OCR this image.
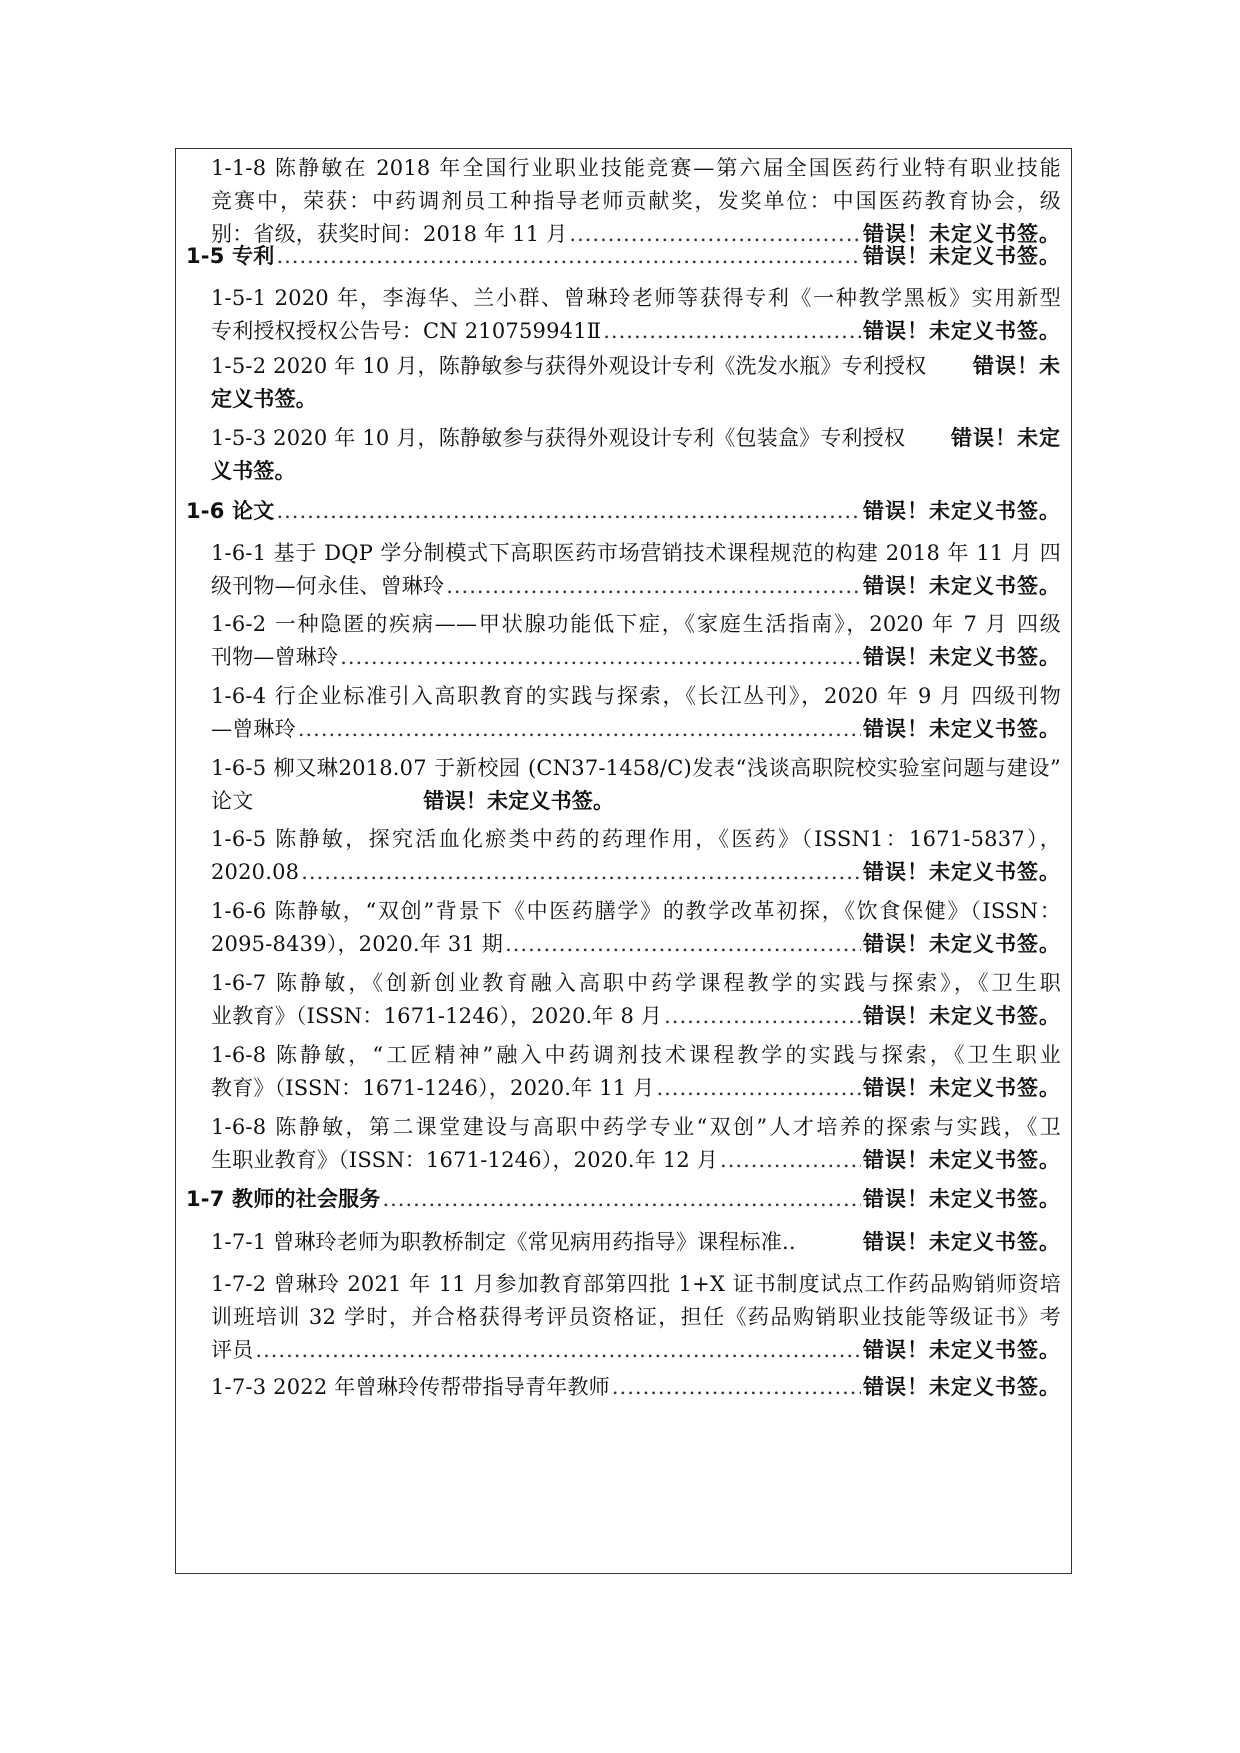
1-1-8 陈静敏在 2018 年全国行业职业技能竞赛—第六届全国医药行业特有职业技能
竞赛中，荣获：中药调剂员工种指导老师贡献奖，发奖单位：中国医药教育协会，级
别：省级，获奖时间：2018 年 11 月 .....	错误！未定义书签。
1-5 专利 .....	错误！未定义书签。
1-5-1 2020 年，李海华、兰小群、曾琳玲老师等获得专利《一种教学黑板》实用新型
专利授权授权公告号：CN 210759941Ⅱ .....	错误！未定义书签。
1-5-2 2020 年 10 月，陈静敏参与获得外观设计专利《洗发水瓶》专利授权 错误！未
定义书签。
1-5-3 2020 年 10 月，陈静敏参与获得外观设计专利《包装盒》专利授权 错误！未定
义书签。
1-6 论文 .....	错误！未定义书签。
1-6-1 基于 DQP 学分制模式下高职医药市场营销技术课程规范的构建 2018 年 11 月 四
级刊物—何永佳、曾琳玲 .....	错误！未定义书签。
1-6-2 一种隐匿的疾病——甲状腺功能低下症，《家庭生活指南》，2020 年 7 月 四级
刊物—曾琳玲 .....	错误！未定义书签。
1-6-4 行企业标准引入高职教育的实践与探索，《长江丛刊》，2020 年 9 月 四级刊物
—曾琳玲 .....	错误！未定义书签。
1-6-5 柳又琳2018.07 于新校园 (CN37-1458/C)发表“浅谈高职院校实验室问题与建设”
论文	错误！未定义书签。
1-6-5 陈静敏，探究活血化瘀类中药的药理作用，《医药》（ISSN1：1671-5837），
2020.08 .....	错误！未定义书签。
1-6-6 陈静敏，“双创”背景下《中医药膳学》的教学改革初探，《饮食保健》（ISSN：
2095-8439），2020.年 31 期 .....	错误！未定义书签。
1-6-7 陈静敏，《创新创业教育融入高职中药学课程教学的实践与探索》，《卫生职
业教育》（ISSN：1671-1246），2020.年 8 月 .....	错误！未定义书签。
1-6-8 陈静敏，“工匠精神”融入中药调剂技术课程教学的实践与探索，《卫生职业
教育》（ISSN：1671-1246），2020.年 11 月 .....	错误！未定义书签。
1-6-8 陈静敏，第二课堂建设与高职中药学专业“双创”人才培养的探索与实践，《卫
生职业教育》（ISSN：1671-1246），2020.年 12 月 .....	错误！未定义书签。
1-7 教师的社会服务 .....	错误！未定义书签。
1-7-1 曾琳玲老师为职教桥制定《常见病用药指导》课程标准..	错误！未定义书签。
1-7-2 曾琳玲 2021 年 11 月参加教育部第四批 1+X 证书制度试点工作药品购销师资培
训班培训 32 学时，并合格获得考评员资格证，担任《药品购销职业技能等级证书》考
评员 .....	错误！未定义书签。
1-7-3 2022 年曾琳玲传帮带指导青年教师 .....	错误！未定义书签。
